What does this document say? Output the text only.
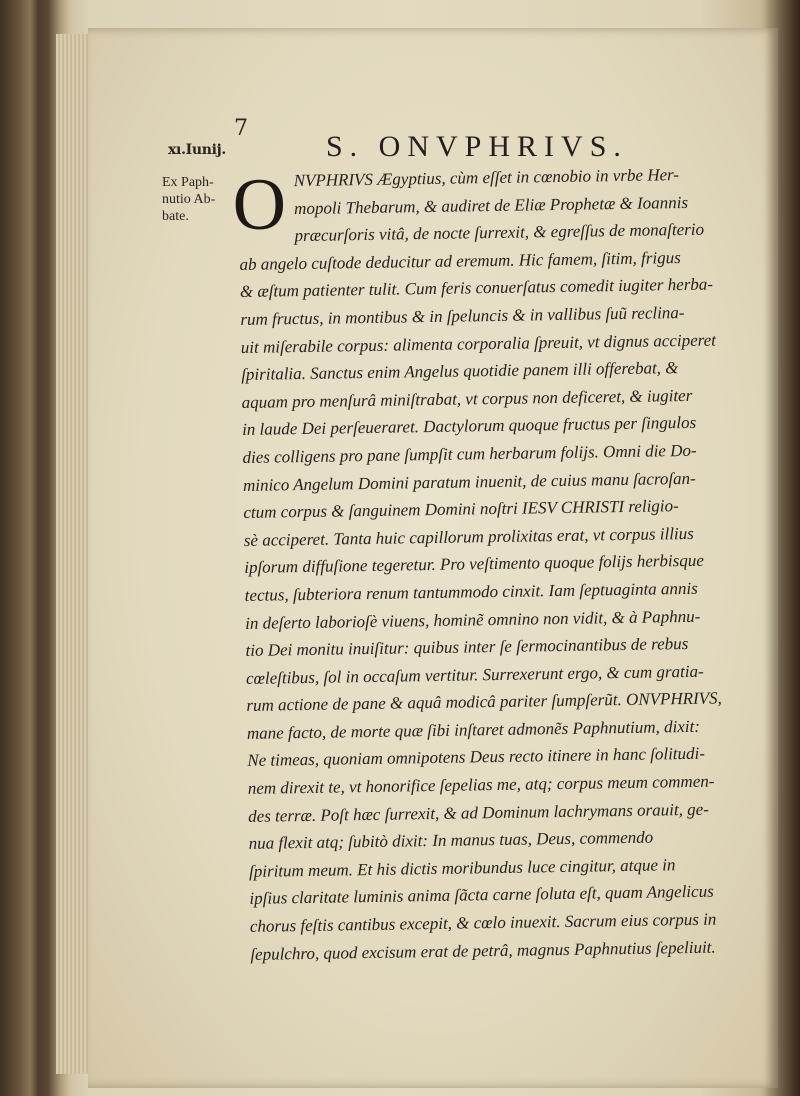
xı.Iunij.
7
S. ONVPHRIVS.
Ex Paph-
nutio Ab-
bate. O NVPHRIVS Ægyptius, cùm eſſet in cœnobio in vrbe Her-
mopoli Thebarum, & audiret de Eliæ Prophetæ & Ioannis
præcurſoris vitâ, de nocte ſurrexit, & egreſſus de monaſterio
ab angelo cuſtode deducitur ad eremum. Hic famem, ſitim, frigus
& æſtum patienter tulit. Cum feris conuerſatus comedit iugiter herba-
rum fructus, in montibus & in ſpeluncis & in vallibus ſuũ reclina-
uit miſerabile corpus: alimenta corporalia ſpreuit, vt dignus acciperet
ſpiritalia. Sanctus enim Angelus quotidie panem illi offerebat, &
aquam pro menſurâ miniſtrabat, vt corpus non deficeret, & iugiter
in laude Dei perſeueraret. Dactylorum quoque fructus per ſingulos
dies colligens pro pane ſumpſit cum herbarum folijs. Omni die Do-
minico Angelum Domini paratum inuenit, de cuius manu ſacroſan-
ctum corpus & ſanguinem Domini noſtri IESV CHRISTI religio-
sè acciperet. Tanta huic capillorum prolixitas erat, vt corpus illius
ipſorum diffuſione tegeretur. Pro veſtimento quoque folijs herbisque
tectus, ſubteriora renum tantummodo cinxit. Iam ſeptuaginta annis
in deſerto laborioſè viuens, hominẽ omnino non vidit, & à Paphnu-
tio Dei monitu inuiſitur: quibus inter ſe ſermocinantibus de rebus
cœleſtibus, ſol in occaſum vertitur. Surrexerunt ergo, & cum gratia-
rum actione de pane & aquâ modicâ pariter ſumpſerũt. ONVPHRIVS,
mane facto, de morte quæ ſibi inſtaret admonẽs Paphnutium, dixit:
Ne timeas, quoniam omnipotens Deus recto itinere in hanc ſolitudi-
nem direxit te, vt honorifice ſepelias me, atq; corpus meum commen-
des terræ. Poſt hæc ſurrexit, & ad Dominum lachrymans orauit, ge-
nua flexit atq; ſubitò dixit: In manus tuas, Deus, commendo
ſpiritum meum. Et his dictis moribundus luce cingitur, atque in
ipſius claritate luminis anima ſãcta carne ſoluta eſt, quam Angelicus
chorus feſtis cantibus excepit, & cœlo inuexit. Sacrum eius corpus in
ſepulchro, quod excisum erat de petrâ, magnus Paphnutius ſepeliuit.
